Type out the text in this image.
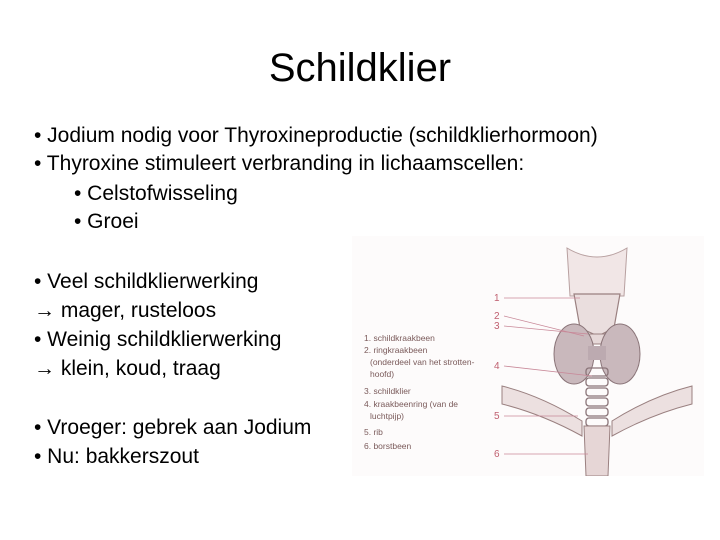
Schildklier
• Jodium nodig voor Thyroxineproductie (schildklierhormoon)
• Thyroxine stimuleert verbranding in lichaamscellen:
• Celstofwisseling
• Groei
• Veel schildklierwerking
→ mager, rusteloos
• Weinig schildklierwerking
→ klein, koud, traag
• Vroeger: gebrek aan Jodium
• Nu: bakkerszout
1
2
3
4
5
6
1. schildkraakbeen
2. ringkraakbeen
(onderdeel van het strotten-
hoofd)
3. schildklier
4. kraakbeenring (van de
luchtpijp)
5. rib
6. borstbeen
